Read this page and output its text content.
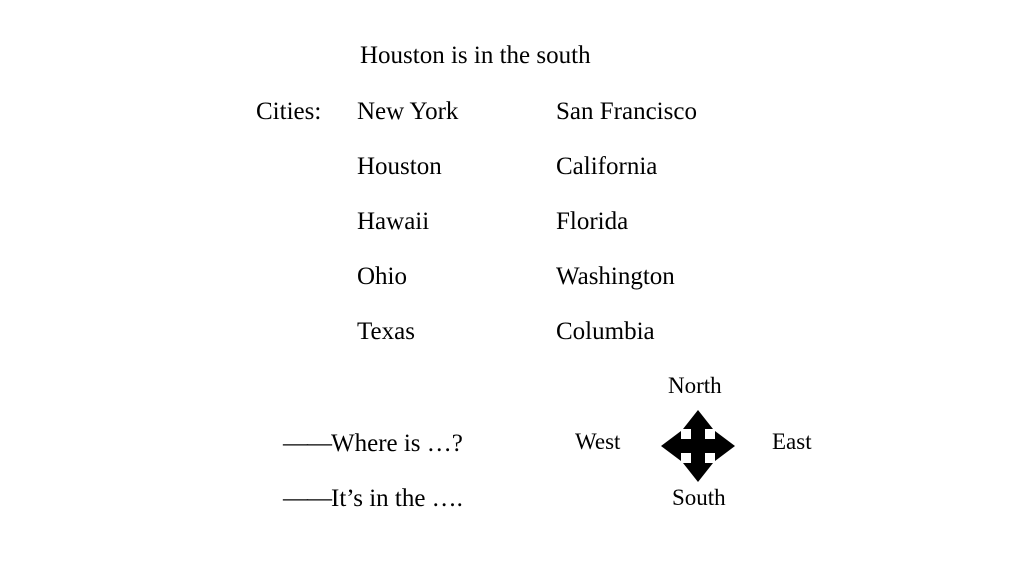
Houston is in the south
Cities: New York
Houston
Hawaii
Ohio
Texas
San Francisco
California
Florida
Washington
Columbia
——Where is …?
——It’s in the ….
North
South
West	East
